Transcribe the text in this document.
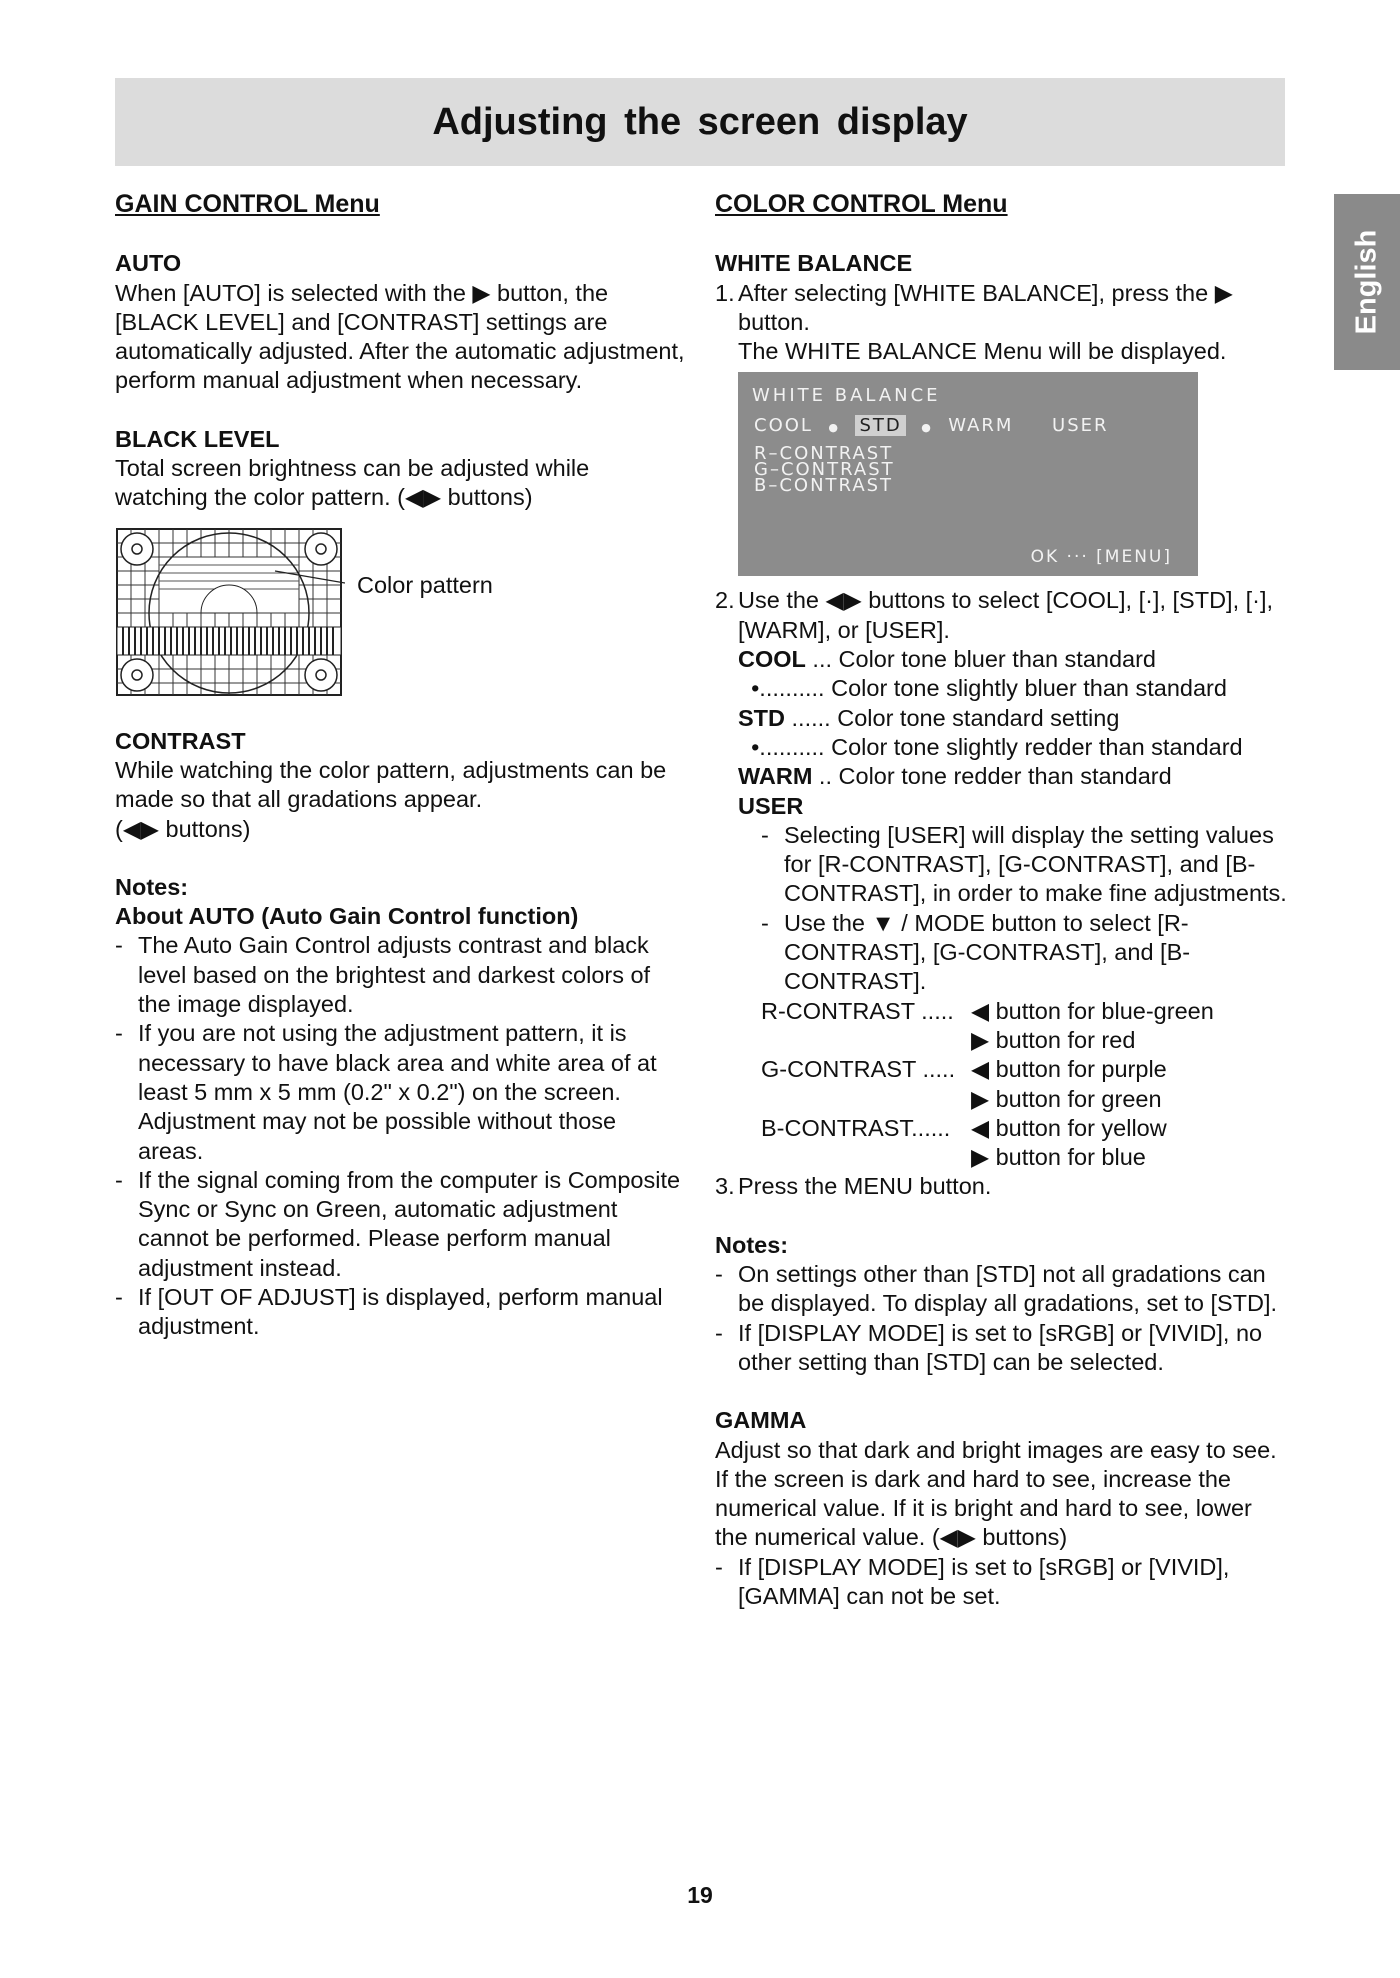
Adjusting the screen display
English
GAIN CONTROL Menu
AUTO

When [AUTO] is selected with the ▶ button, the [BLACK LEVEL] and [CONTRAST] settings are automatically adjusted. After the automatic adjustment, perform manual adjustment when necessary.

BLACK LEVEL

Total screen brightness can be adjusted while watching the color pattern. (◀▶ buttons)

Color pattern
CONTRAST

While watching the color pattern, adjustments can be made so that all gradations appear.

(◀▶ buttons)

Notes:
About AUTO (Auto Gain Control function)

- The Auto Gain Control adjusts contrast and black level based on the brightest and darkest colors of the image displayed.

- If you are not using the adjustment pattern, it is necessary to have black area and white area of at least 5 mm x 5 mm (0.2" x 0.2") on the screen. Adjustment may not be possible without those areas.

- If the signal coming from the computer is Composite Sync or Sync on Green, automatic adjustment cannot be performed. Please perform manual adjustment instead.

- If [OUT OF ADJUST] is displayed, perform manual adjustment.

COLOR CONTROL Menu
WHITE BALANCE

1. After selecting [WHITE BALANCE], press the ▶ button.

The WHITE BALANCE Menu will be displayed.

WHITE BALANCE
COOL ● STD ● WARM USER
R–CONTRAST
G–CONTRAST
B–CONTRAST
OK ··· [MENU]

2. Use the ◀▶ buttons to select [COOL], [·], [STD], [·], [WARM], or [USER].

COOL ... Color tone bluer than standard

•.......... Color tone slightly bluer than standard

STD ...... Color tone standard setting

•.......... Color tone slightly redder than standard

WARM .. Color tone redder than standard

USER

- Selecting [USER] will display the setting values for [R-CONTRAST], [G-CONTRAST], and [B-CONTRAST], in order to make fine adjustments.

- Use the ▼ / MODE button to select [R-CONTRAST], [G-CONTRAST], and [B-CONTRAST].

R-CONTRAST ..... ◀ button for blue-green
▶ button for red
G-CONTRAST ..... ◀ button for purple
▶ button for green
B-CONTRAST...... ◀ button for yellow
▶ button for blue

3. Press the MENU button.

Notes:

- On settings other than [STD] not all gradations can be displayed. To display all gradations, set to [STD].

- If [DISPLAY MODE] is set to [sRGB] or [VIVID], no other setting than [STD] can be selected.

GAMMA

Adjust so that dark and bright images are easy to see. If the screen is dark and hard to see, increase the numerical value. If it is bright and hard to see, lower the numerical value. (◀▶ buttons)

- If [DISPLAY MODE] is set to [sRGB] or [VIVID], [GAMMA] can not be set.

19
